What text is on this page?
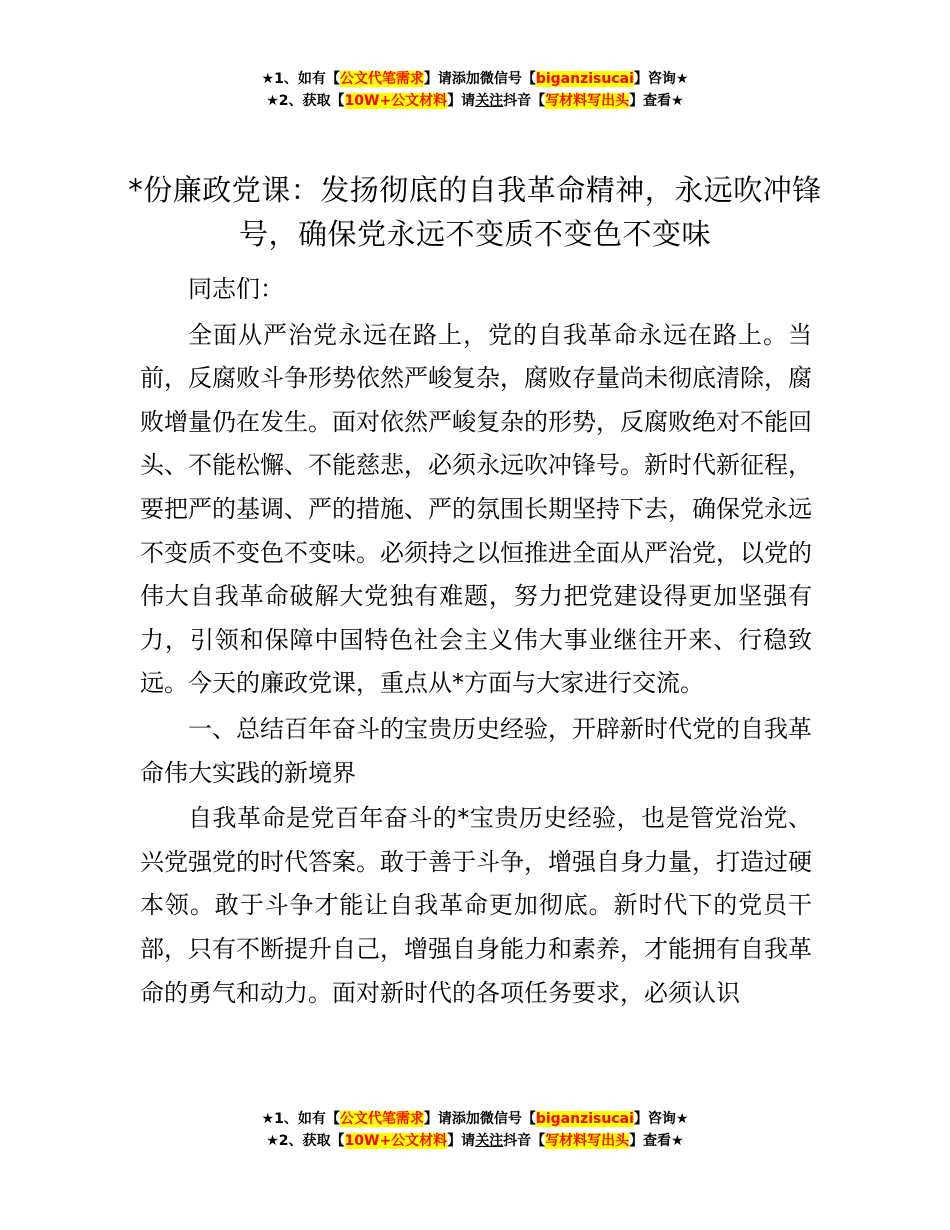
★1、如有【公文代笔需求】请添加微信号【biganzisucai】咨询★
★2、获取【10W+公文材料】请关注抖音【写材料写出头】查看★
*份廉政党课：发扬彻底的自我革命精神，永远吹冲锋号，确保党永远不变质不变色不变味

同志们：

全面从严治党永远在路上，党的自我革命永远在路上。当前，反腐败斗争形势依然严峻复杂，腐败存量尚未彻底清除，腐败增量仍在发生。面对依然严峻复杂的形势，反腐败绝对不能回头、不能松懈、不能慈悲，必须永远吹冲锋号。新时代新征程，要把严的基调、严的措施、严的氛围长期坚持下去，确保党永远不变质不变色不变味。必须持之以恒推进全面从严治党，以党的伟大自我革命破解大党独有难题，努力把党建设得更加坚强有力，引领和保障中国特色社会主义伟大事业继往开来、行稳致远。今天的廉政党课，重点从*方面与大家进行交流。

一、总结百年奋斗的宝贵历史经验，开辟新时代党的自我革命伟大实践的新境界

自我革命是党百年奋斗的*宝贵历史经验，也是管党治党、兴党强党的时代答案。敢于善于斗争，增强自身力量，打造过硬本领。敢于斗争才能让自我革命更加彻底。新时代下的党员干部，只有不断提升自己，增强自身能力和素养，才能拥有自我革命的勇气和动力。面对新时代的各项任务要求，必须认识

★1、如有【公文代笔需求】请添加微信号【biganzisucai】咨询★
★2、获取【10W+公文材料】请关注抖音【写材料写出头】查看★
